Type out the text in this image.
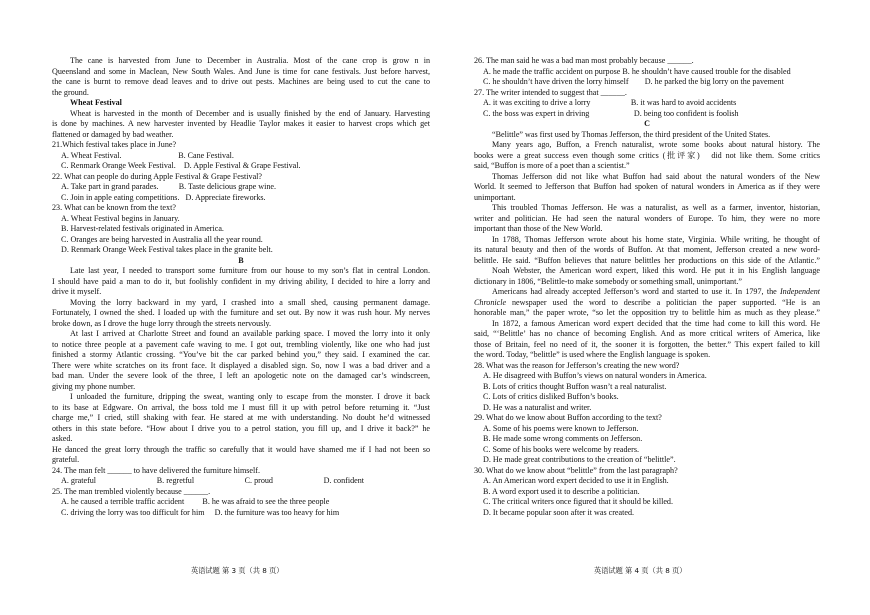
The cane is harvested from June to December in Australia. Most of the cane crop is grow n in
Queensland and some in Maclean, New South Wales. And June is time for cane festivals. Just before harvest,
the cane is burnt to remove dead leaves and to drive out pests. Machines are being used to cut the cane to
the ground.
Wheat Festival
Wheat is harvested in the month of December and is usually finished by the end of January. Harvesting
is done by machines. A new harvester invented by Headlie Taylor makes it easier to harvest crops which get
flattened or damaged by bad weather.
21.Which festival takes place in June?
A. Wheat Festival.                            B. Cane Festival.
C. Renmark Orange Week Festival.    D. Apple Festival & Grape Festival.
22. What can people do during Apple Festival & Grape Festival?
A. Take part in grand parades.          B. Taste delicious grape wine.
C. Join in apple eating competitions.   D. Appreciate fireworks.
23. What can be known from the text?
A. Wheat Festival begins in January.
B. Harvest-related festivals originated in America.
C. Oranges are being harvested in Australia all the year round.
D. Renmark Orange Week Festival takes place in the granite belt.
B
Late last year, I needed to transport some furniture from our house to my son’s flat in central London.
I should have paid a man to do it, but foolishly confident in my driving ability, I decided to hire a lorry and
drive it myself.
Moving the lorry backward in my yard, I crashed into a small shed, causing permanent damage.
Fortunately, I owned the shed. I loaded up with the furniture and set out. By now it was rush hour. My nerves
broke down, as I drove the huge lorry through the streets nervously.
At last I arrived at Charlotte Street and found an available parking space. I moved the lorry into it only
to notice three people at a pavement cafe waving to me. I got out, trembling violently, like one who had just
finished a stormy Atlantic crossing. “You’ve bit the car parked behind you,” they said. I examined the car.
There were white scratches on its front face. It displayed a disabled sign. So, now I was a bad driver and a
bad man. Under the severe look of the three, I left an apologetic note on the damaged car’s windscreen,
giving my phone number.
I unloaded the furniture, dripping the sweat, wanting only to escape from the monster. I drove it back
to its base at Edgware. On arrival, the boss told me I must fill it up with petrol before returning it. “Just
charge me,” I cried, still shaking with fear. He stared at me with understanding. No doubt he’d witnessed
others in this state before. “How about I drive you to a petrol station, you fill up, and I drive it back?” he
asked.
He danced the great lorry through the traffic so carefully that it would have shamed me if I had not been so
grateful.
24. The man felt ______ to have delivered the furniture himself.
A. grateful                              B. regretful                         C. proud                         D. confident
25. The man trembled violently because ______.
A. he caused a terrible traffic accident         B. he was afraid to see the three people
C. driving the lorry was too difficult for him     D. the furniture was too heavy for him
26. The man said he was a bad man most probably because ______.
A. he made the traffic accident on purpose B. he shouldn’t have caused trouble for the disabled
C. he shouldn’t have driven the lorry himself        D. he parked the big lorry on the pavement
27. The writer intended to suggest that ______.
A. it was exciting to drive a lorry                    B. it was hard to avoid accidents
C. the boss was expert in driving                      D. being too confident is foolish
C
“Belittle” was first used by Thomas Jefferson, the third president of the United States.
Many years ago, Buffon, a French naturalist, wrote some books about natural history. The
books were a great success even though some critics (批评家)   did not like them. Some critics
said, “Buffon is more of a poet than a scientist.”
Thomas Jefferson did not like what Buffon had said about the natural wonders of the New
World. It seemed to Jefferson that Buffon had spoken of natural wonders in America as if they were
unimportant.
This troubled Thomas Jefferson. He was a naturalist, as well as a farmer, inventor, historian,
writer and politician. He had seen the natural wonders of Europe. To him, they were no more
important than those of the New World.
In 1788, Thomas Jefferson wrote about his home state, Virginia. While writing, he thought of
its natural beauty and then of the words of Buffon. At that moment, Jefferson created a new word-
belittle. He said. “Buffon believes that nature belittles her productions on this side of the Atlantic.”
Noah Webster, the American word expert, liked this word. He put it in his English language
dictionary in 1806, “Belittle-to make somebody or something small, unimportant.”
Americans had already accepted Jefferson’s word and started to use it. In 1797, the Independent
Chronicle newspaper used the word to describe a politician the paper supported. “He is an
honorable man,” the paper wrote, “so let the opposition try to belittle him as much as they please.”
In 1872, a famous American word expert decided that the time had come to kill this word. He
said, “‘Belittle’ has no chance of becoming English. And as more critical writers of America, like
those of Britain, feel no need of it, the sooner it is forgotten, the better.” This expert failed to kill
the word. Today, “belittle” is used where the English language is spoken.
28. What was the reason for Jefferson’s creating the new word?
A. He disagreed with Buffon’s views on natural wonders in America.
B. Lots of critics thought Buffon wasn’t a real naturalist.
C. Lots of critics disliked Buffon’s books.
D. He was a naturalist and writer.
29. What do we know about Buffon according to the text?
A. Some of his poems were known to Jefferson.
B. He made some wrong comments on Jefferson.
C. Some of his books were welcome by readers.
D. He made great contributions to the creation of “belittle”.
30. What do we know about “belittle” from the last paragraph?
A. An American word expert decided to use it in English.
B. A word export used it to describe a politician.
C. The critical writers once figured that it should be killed.
D. It became popular soon after it was created.
英语试题 第 3 页（共 8 页）	英语试题 第 4 页（共 8 页）
